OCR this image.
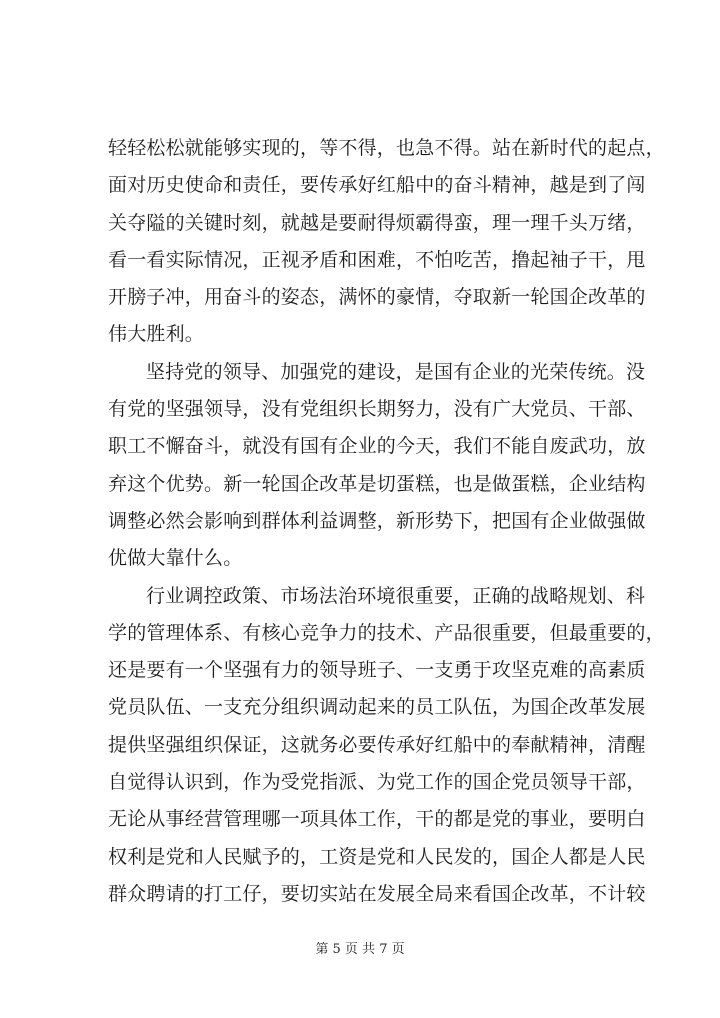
轻轻松松就能够实现的，等不得，也急不得。站在新时代的起点，
面对历史使命和责任，要传承好红船中的奋斗精神，越是到了闯
关夺隘的关键时刻，就越是要耐得烦霸得蛮，理一理千头万绪，
看一看实际情况，正视矛盾和困难，不怕吃苦，撸起袖子干，甩
开膀子冲，用奋斗的姿态，满怀的豪情，夺取新一轮国企改革的
伟大胜利。
坚持党的领导、加强党的建设，是国有企业的光荣传统。没
有党的坚强领导，没有党组织长期努力，没有广大党员、干部、
职工不懈奋斗，就没有国有企业的今天，我们不能自废武功，放
弃这个优势。新一轮国企改革是切蛋糕，也是做蛋糕，企业结构
调整必然会影响到群体利益调整，新形势下，把国有企业做强做
优做大靠什么。
行业调控政策、市场法治环境很重要，正确的战略规划、科
学的管理体系、有核心竞争力的技术、产品很重要，但最重要的，
还是要有一个坚强有力的领导班子、一支勇于攻坚克难的高素质
党员队伍、一支充分组织调动起来的员工队伍，为国企改革发展
提供坚强组织保证，这就务必要传承好红船中的奉献精神，清醒
自觉得认识到，作为受党指派、为党工作的国企党员领导干部，
无论从事经营管理哪一项具体工作，干的都是党的事业，要明白
权利是党和人民赋予的，工资是党和人民发的，国企人都是人民
群众聘请的打工仔，要切实站在发展全局来看国企改革，不计较
第 5 页 共 7 页
